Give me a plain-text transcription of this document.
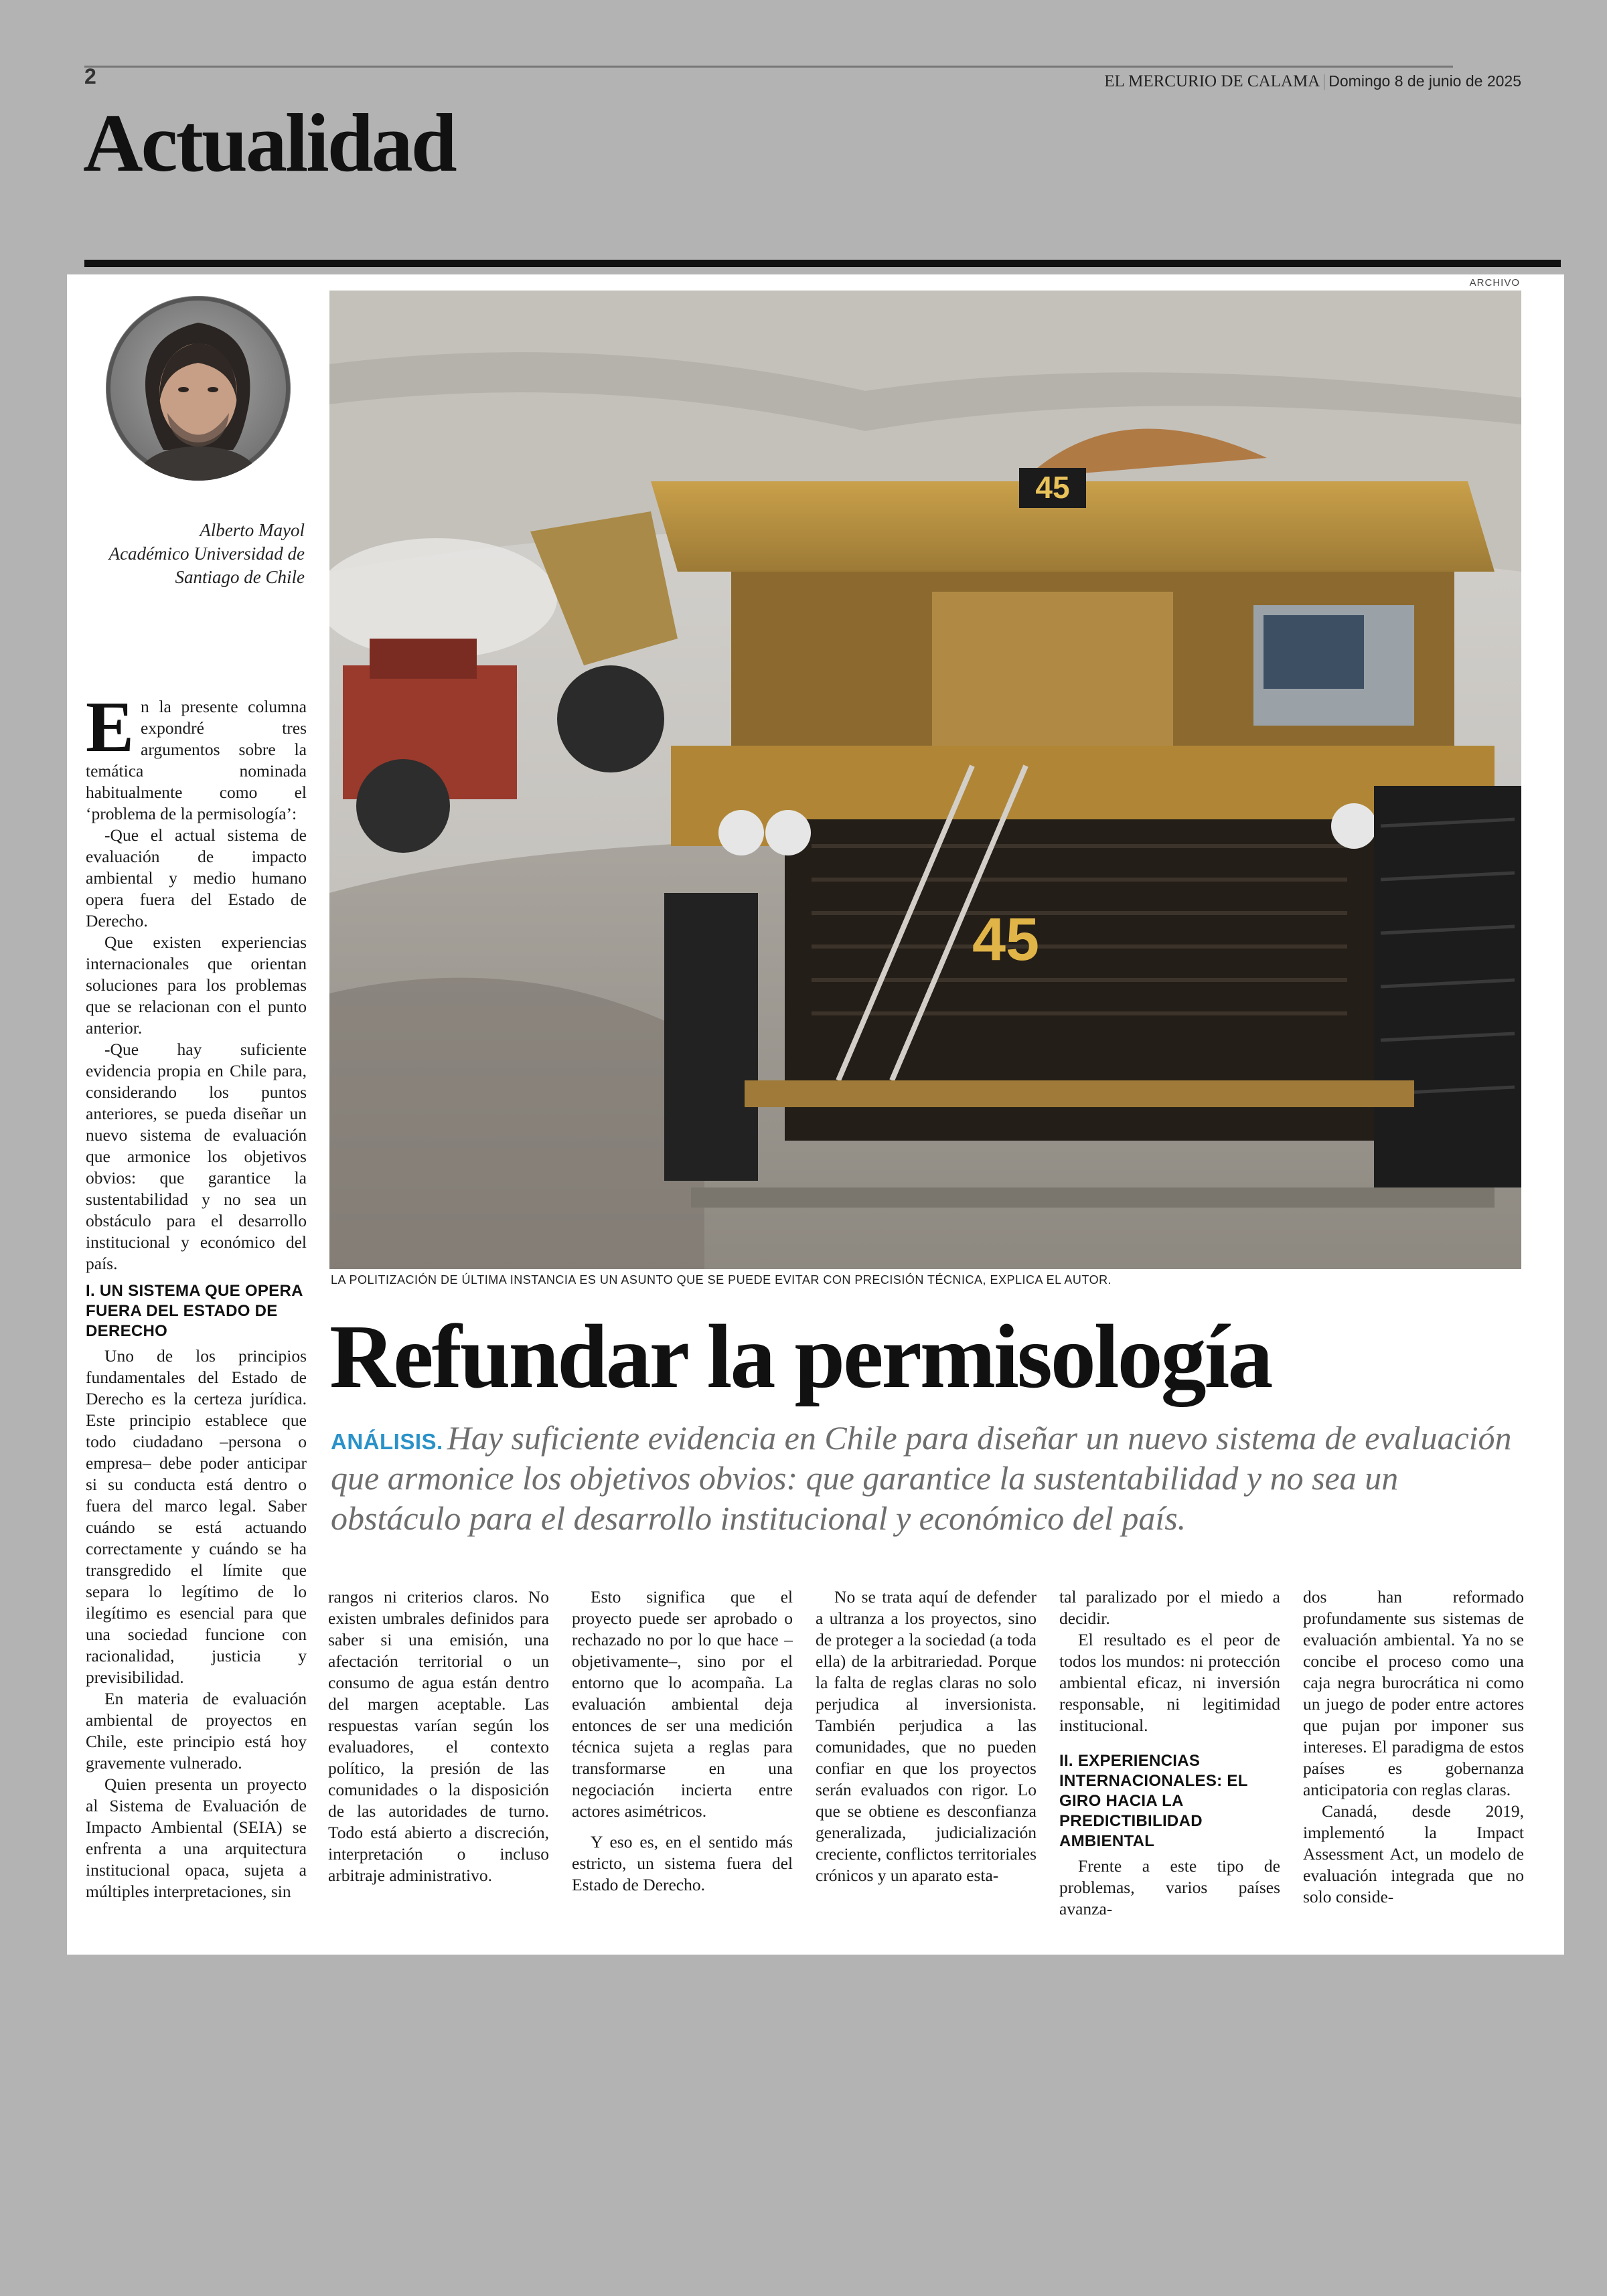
2	EL MERCURIO DE CALAMA | Domingo 8 de junio de 2025
Actualidad
ARCHIVO
Alberto Mayol
Académico Universidad de
Santiago de Chile

En la presente columna expondré tres argumentos sobre la temática nominada habitualmente como el ‘problema de la permisología’:

-Que el actual sistema de evaluación de impacto ambiental y medio humano opera fuera del Estado de Derecho.

Que existen experiencias internacionales que orientan soluciones para los problemas que se relacionan con el punto anterior.

-Que hay suficiente evidencia propia en Chile para, considerando los puntos anteriores, se pueda diseñar un nuevo sistema de evaluación que armonice los objetivos obvios: que garantice la sustentabilidad y no sea un obstáculo para el desarrollo institucional y económico del país.

I. UN SISTEMA QUE OPERA FUERA DEL ESTADO DE DERECHO

Uno de los principios fundamentales del Estado de Derecho es la certeza jurídica. Este principio establece que todo ciudadano –persona o empresa– debe poder anticipar si su conducta está dentro o fuera del marco legal. Saber cuándo se está actuando correctamente y cuándo se ha transgredido el límite que separa lo legítimo de lo ilegítimo es esencial para que una sociedad funcione con racionalidad, justicia y previsibilidad.

En materia de evaluación ambiental de proyectos en Chile, este principio está hoy gravemente vulnerado.

Quien presenta un proyecto al Sistema de Evaluación de Impacto Ambiental (SEIA) se enfrenta a una arquitectura institucional opaca, sujeta a múltiples interpretaciones, sin

45
45
LA POLITIZACIÓN DE ÚLTIMA INSTANCIA ES UN ASUNTO QUE SE PUEDE EVITAR CON PRECISIÓN TÉCNICA, EXPLICA EL AUTOR.
Refundar la permisología
ANÁLISIS. Hay suficiente evidencia en Chile para diseñar un nuevo sistema de evaluación que armonice los objetivos obvios: que garantice la sustentabilidad y no sea un obstáculo para el desarrollo institucional y económico del país.

rangos ni criterios claros. No existen umbrales definidos para saber si una emisión, una afectación territorial o un consumo de agua están dentro del margen aceptable. Las respuestas varían según los evaluadores, el contexto político, la presión de las comunidades o la disposición de las autoridades de turno. Todo está abierto a discreción, interpretación o incluso arbitraje administrativo.

Esto significa que el proyecto puede ser aprobado o rechazado no por lo que hace –objetivamente–, sino por el entorno que lo acompaña. La evaluación ambiental deja entonces de ser una medición técnica sujeta a reglas para transformarse en una negociación incierta entre actores asimétricos.

Y eso es, en el sentido más estricto, un sistema fuera del Estado de Derecho.

No se trata aquí de defender a ultranza a los proyectos, sino de proteger a la sociedad (a toda ella) de la arbitrariedad. Porque la falta de reglas claras no solo perjudica al inversionista. También perjudica a las comunidades, que no pueden confiar en que los proyectos serán evaluados con rigor. Lo que se obtiene es desconfianza generalizada, judicialización creciente, conflictos territoriales crónicos y un aparato esta-

tal paralizado por el miedo a decidir.

El resultado es el peor de todos los mundos: ni protección ambiental eficaz, ni inversión responsable, ni legitimidad institucional.

II. EXPERIENCIAS INTERNACIONALES: EL GIRO HACIA LA PREDICTIBILIDAD AMBIENTAL

Frente a este tipo de problemas, varios países avanza-

dos han reformado profundamente sus sistemas de evaluación ambiental. Ya no se concibe el proceso como una caja negra burocrática ni como un juego de poder entre actores que pujan por imponer sus intereses. El paradigma de estos países es gobernanza anticipatoria con reglas claras.

Canadá, desde 2019, implementó la Impact Assessment Act, un modelo de evaluación integrada que no solo conside-
